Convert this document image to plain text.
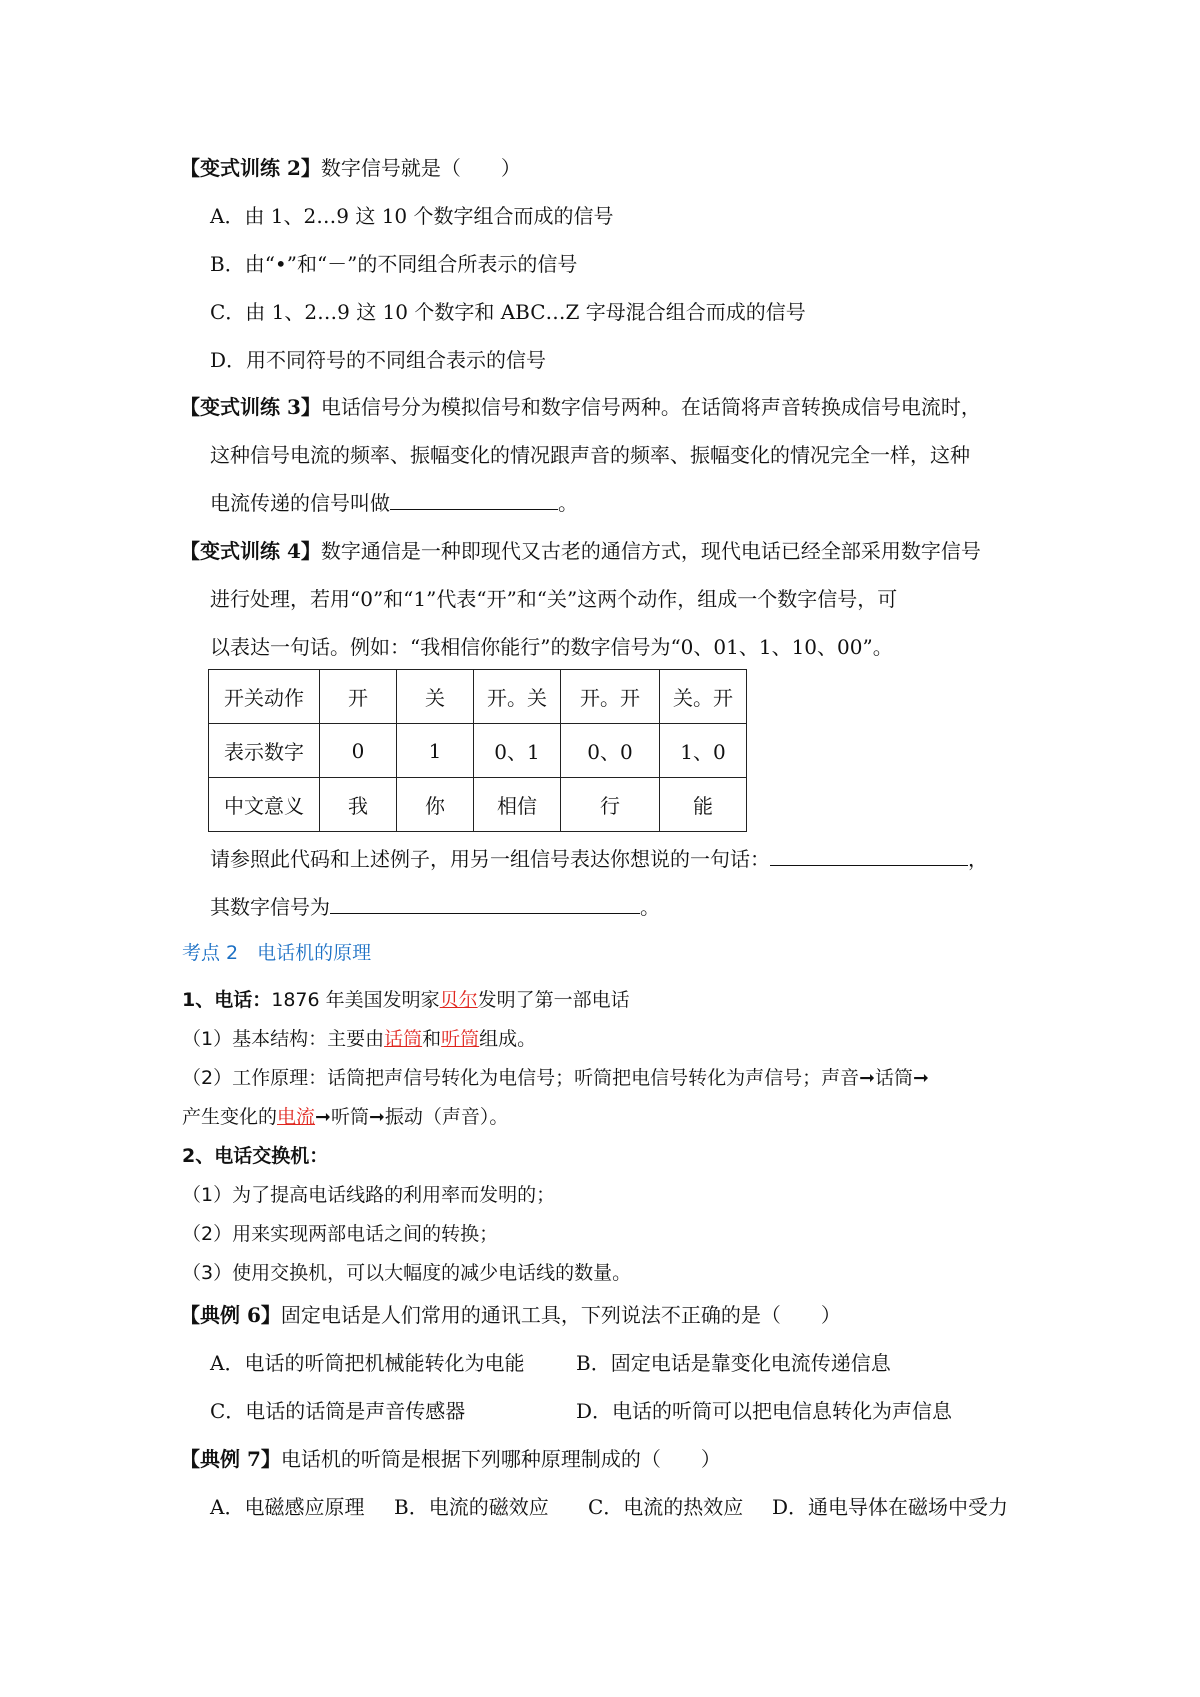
【变式训练 2】数字信号就是（　　）
A．由 1、2…9 这 10 个数字组合而成的信号
B．由“•”和“－”的不同组合所表示的信号
C．由 1、2…9 这 10 个数字和 ABC…Z 字母混合组合而成的信号
D．用不同符号的不同组合表示的信号
【变式训练 3】电话信号分为模拟信号和数字信号两种。在话筒将声音转换成信号电流时，
这种信号电流的频率、振幅变化的情况跟声音的频率、振幅变化的情况完全一样，这种
电流传递的信号叫做	。
【变式训练 4】数字通信是一种即现代又古老的通信方式，现代电话已经全部采用数字信号
进行处理，若用“0”和“1”代表“开”和“关”这两个动作，组成一个数字信号，可
以表达一句话。例如：“我相信你能行”的数字信号为“0、01、1、10、00”。
开关动作	开	关	开。关	开。开	关。开
表示数字	0	1	0、1	0、0	1、0
中文意义	我	你	相信	行	能
请参照此代码和上述例子，用另一组信号表达你想说的一句话：	，
其数字信号为	。
考点 2　电话机的原理
1、电话：1876 年美国发明家贝尔发明了第一部电话
（1）基本结构：主要由话筒和听筒组成。
（2）工作原理：话筒把声信号转化为电信号；听筒把电信号转化为声信号；声音➞话筒➞
产生变化的电流➞听筒➞振动（声音）。
2、电话交换机：
（1）为了提高电话线路的利用率而发明的；
（2）用来实现两部电话之间的转换；
（3）使用交换机，可以大幅度的减少电话线的数量。
【典例 6】固定电话是人们常用的通讯工具，下列说法不正确的是（　　）
A．电话的听筒把机械能转化为电能	B．固定电话是靠变化电流传递信息
C．电话的话筒是声音传感器	D．电话的听筒可以把电信息转化为声信息
【典例 7】电话机的听筒是根据下列哪种原理制成的（　　）
A．电磁感应原理 B．电流的磁效应 C．电流的热效应 D．通电导体在磁场中受力
